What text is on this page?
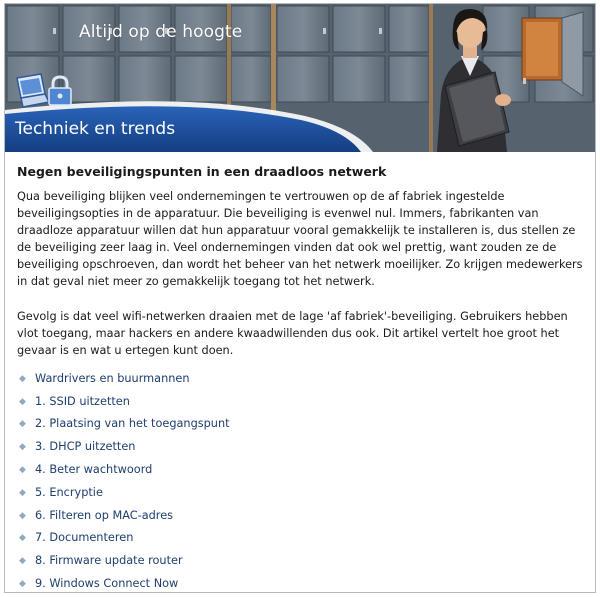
Altijd op de hoogte
Techniek en trends
Negen beveiligingspunten in een draadloos netwerk

Qua beveiliging blijken veel ondernemingen te vertrouwen op de af fabriek ingestelde beveiligingsopties in de apparatuur. Die beveiliging is evenwel nul. Immers, fabrikanten van draadloze apparatuur willen dat hun apparatuur vooral gemakkelijk te installeren is, dus stellen ze de beveiliging zeer laag in. Veel ondernemingen vinden dat ook wel prettig, want zouden ze de beveiliging opschroeven, dan wordt het beheer van het netwerk moeilijker. Zo krijgen medewerkers in dat geval niet meer zo gemakkelijk toegang tot het netwerk.

Gevolg is dat veel wifi-netwerken draaien met de lage 'af fabriek'-beveiliging. Gebruikers hebben vlot toegang, maar hackers en andere kwaadwillenden dus ook. Dit artikel vertelt hoe groot het gevaar is en wat u ertegen kunt doen.

◆ Wardrivers en buurmannen
◆ 1. SSID uitzetten
◆ 2. Plaatsing van het toegangspunt
◆ 3. DHCP uitzetten
◆ 4. Beter wachtwoord
◆ 5. Encryptie
◆ 6. Filteren op MAC-adres
◆ 7. Documenteren
◆ 8. Firmware update router
◆ 9. Windows Connect Now
